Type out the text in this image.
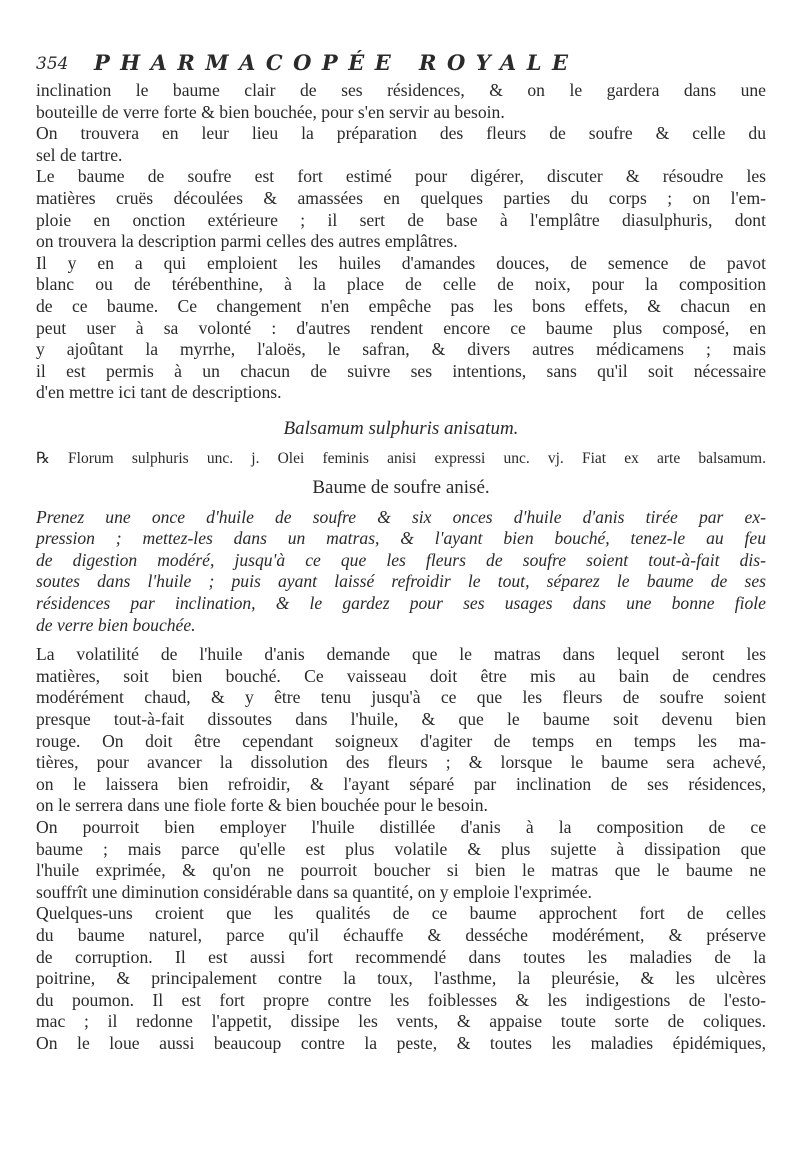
354 PHARMACOPÉE ROYALE
inclination le baume clair de ses résidences, & on le gardera dans une
bouteille de verre forte & bien bouchée, pour s'en servir au besoin.
On trouvera en leur lieu la préparation des fleurs de soufre & celle du
sel de tartre.
Le baume de soufre est fort estimé pour digérer, discuter & résoudre les
matières cruës découlées & amassées en quelques parties du corps ; on l'em-
ploie en onction extérieure ; il sert de base à l'emplâtre diasulphuris, dont
on trouvera la description parmi celles des autres emplâtres.
Il y en a qui emploient les huiles d'amandes douces, de semence de pavot
blanc ou de térébenthine, à la place de celle de noix, pour la composition
de ce baume. Ce changement n'en empêche pas les bons effets, & chacun en
peut user à sa volonté : d'autres rendent encore ce baume plus composé, en
y ajoûtant la myrrhe, l'aloës, le safran, & divers autres médicamens ; mais
il est permis à un chacun de suivre ses intentions, sans qu'il soit nécessaire
d'en mettre ici tant de descriptions.
Balsamum sulphuris anisatum.
℞ Florum sulphuris unc. j. Olei feminis anisi expressi unc. vj. Fiat ex arte balsamum.
Baume de soufre anisé.
Prenez une once d'huile de soufre & six onces d'huile d'anis tirée par ex-
pression ; mettez-les dans un matras, & l'ayant bien bouché, tenez-le au feu
de digestion modéré, jusqu'à ce que les fleurs de soufre soient tout-à-fait dis-
soutes dans l'huile ; puis ayant laissé refroidir le tout, séparez le baume de ses
résidences par inclination, & le gardez pour ses usages dans une bonne fiole
de verre bien bouchée.
La volatilité de l'huile d'anis demande que le matras dans lequel seront les
matières, soit bien bouché. Ce vaisseau doit être mis au bain de cendres
modérément chaud, & y être tenu jusqu'à ce que les fleurs de soufre soient
presque tout-à-fait dissoutes dans l'huile, & que le baume soit devenu bien
rouge. On doit être cependant soigneux d'agiter de temps en temps les ma-
tières, pour avancer la dissolution des fleurs ; & lorsque le baume sera achevé,
on le laissera bien refroidir, & l'ayant séparé par inclination de ses résidences,
on le serrera dans une fiole forte & bien bouchée pour le besoin.
On pourroit bien employer l'huile distillée d'anis à la composition de ce
baume ; mais parce qu'elle est plus volatile & plus sujette à dissipation que
l'huile exprimée, & qu'on ne pourroit boucher si bien le matras que le baume ne
souffrît une diminution considérable dans sa quantité, on y emploie l'exprimée.
Quelques-uns croient que les qualités de ce baume approchent fort de celles
du baume naturel, parce qu'il échauffe & desséche modérément, & préserve
de corruption. Il est aussi fort recommendé dans toutes les maladies de la
poitrine, & principalement contre la toux, l'asthme, la pleurésie, & les ulcères
du poumon. Il est fort propre contre les foiblesses & les indigestions de l'esto-
mac ; il redonne l'appetit, dissipe les vents, & appaise toute sorte de coliques.
On le loue aussi beaucoup contre la peste, & toutes les maladies épidémiques,
